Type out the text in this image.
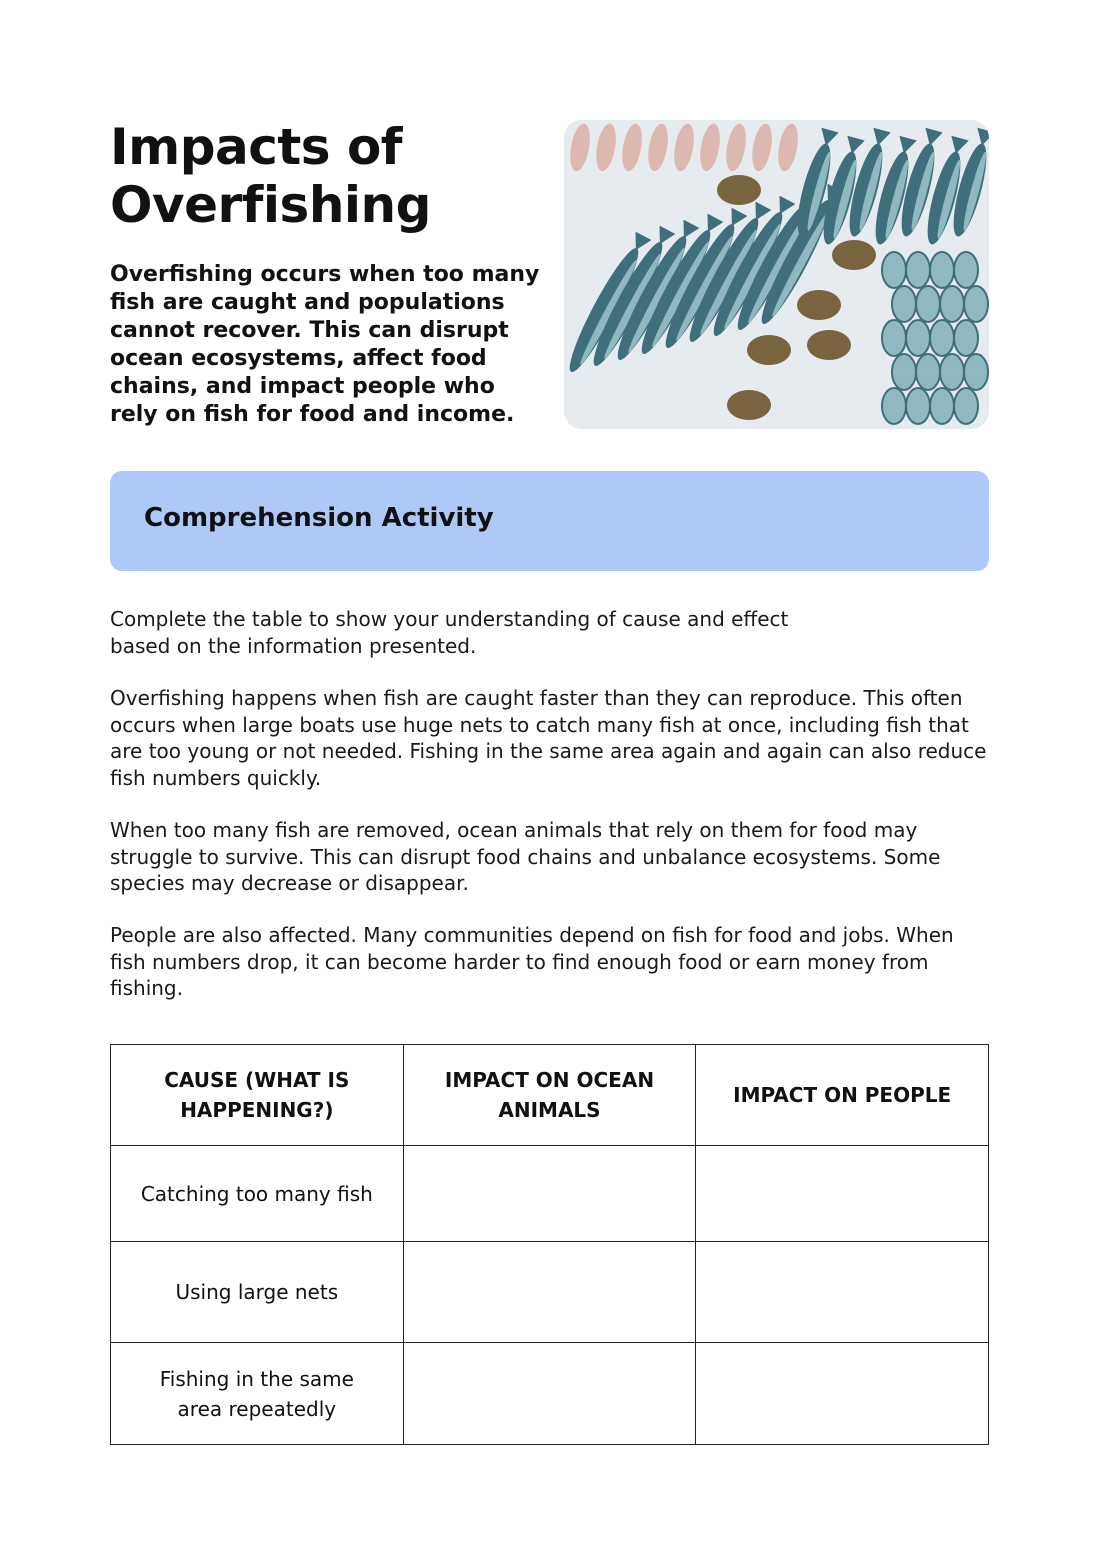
Impacts of Overfishing

Overfishing occurs when too many fish are caught and populations cannot recover. This can disrupt ocean ecosystems, affect food chains, and impact people who rely on fish for food and income.

Comprehension Activity

Complete the table to show your understanding of cause and effect based on the information presented.

Overfishing happens when fish are caught faster than they can reproduce. This often occurs when large boats use huge nets to catch many fish at once, including fish that are too young or not needed. Fishing in the same area again and again can also reduce fish numbers quickly.

When too many fish are removed, ocean animals that rely on them for food may struggle to survive. This can disrupt food chains and unbalance ecosystems. Some species may decrease or disappear.

People are also affected. Many communities depend on fish for food and jobs. When fish numbers drop, it can become harder to find enough food or earn money from fishing.

CAUSE (WHAT IS HAPPENING?)	IMPACT ON OCEAN ANIMALS	IMPACT ON PEOPLE
Catching too many fish		
Using large nets		
Fishing in the same area repeatedly		
